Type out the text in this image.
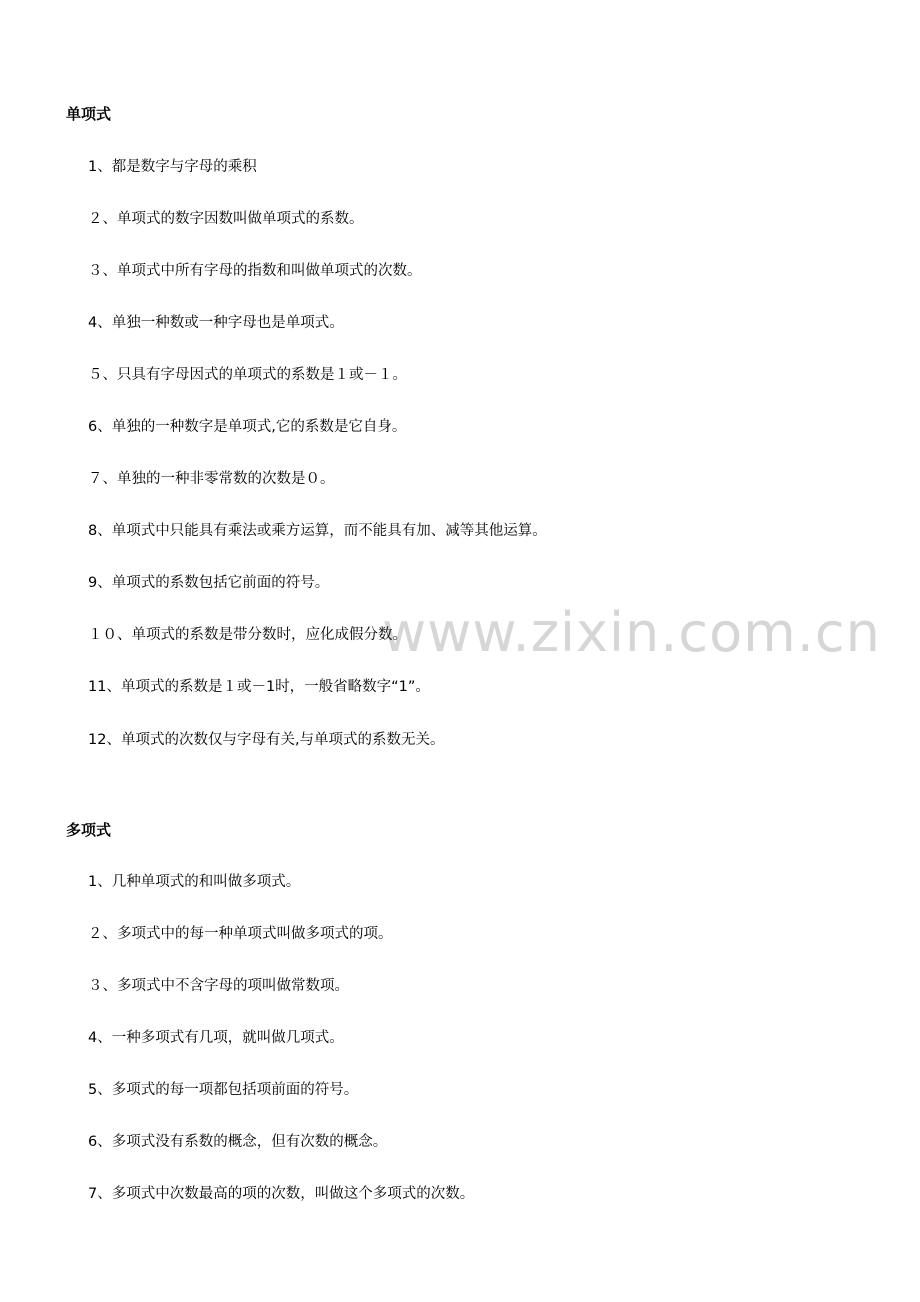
www.zixin.com.cn
单项式
1、都是数字与字母的乘积
２、单项式的数字因数叫做单项式的系数。
３、单项式中所有字母的指数和叫做单项式的次数。
4、单独一种数或一种字母也是单项式。
５、只具有字母因式的单项式的系数是１或－１。
6、单独的一种数字是单项式,它的系数是它自身。
７、单独的一种非零常数的次数是０。
8、单项式中只能具有乘法或乘方运算，而不能具有加、减等其他运算。
9、单项式的系数包括它前面的符号。
１０、单项式的系数是带分数时，应化成假分数。
11、单项式的系数是１或－1时，一般省略数字“1”。
12、单项式的次数仅与字母有关,与单项式的系数无关。
多项式
1、几种单项式的和叫做多项式。
２、多项式中的每一种单项式叫做多项式的项。
３、多项式中不含字母的项叫做常数项。
4、一种多项式有几项，就叫做几项式。
5、多项式的每一项都包括项前面的符号。
6、多项式没有系数的概念，但有次数的概念。
7、多项式中次数最高的项的次数，叫做这个多项式的次数。
